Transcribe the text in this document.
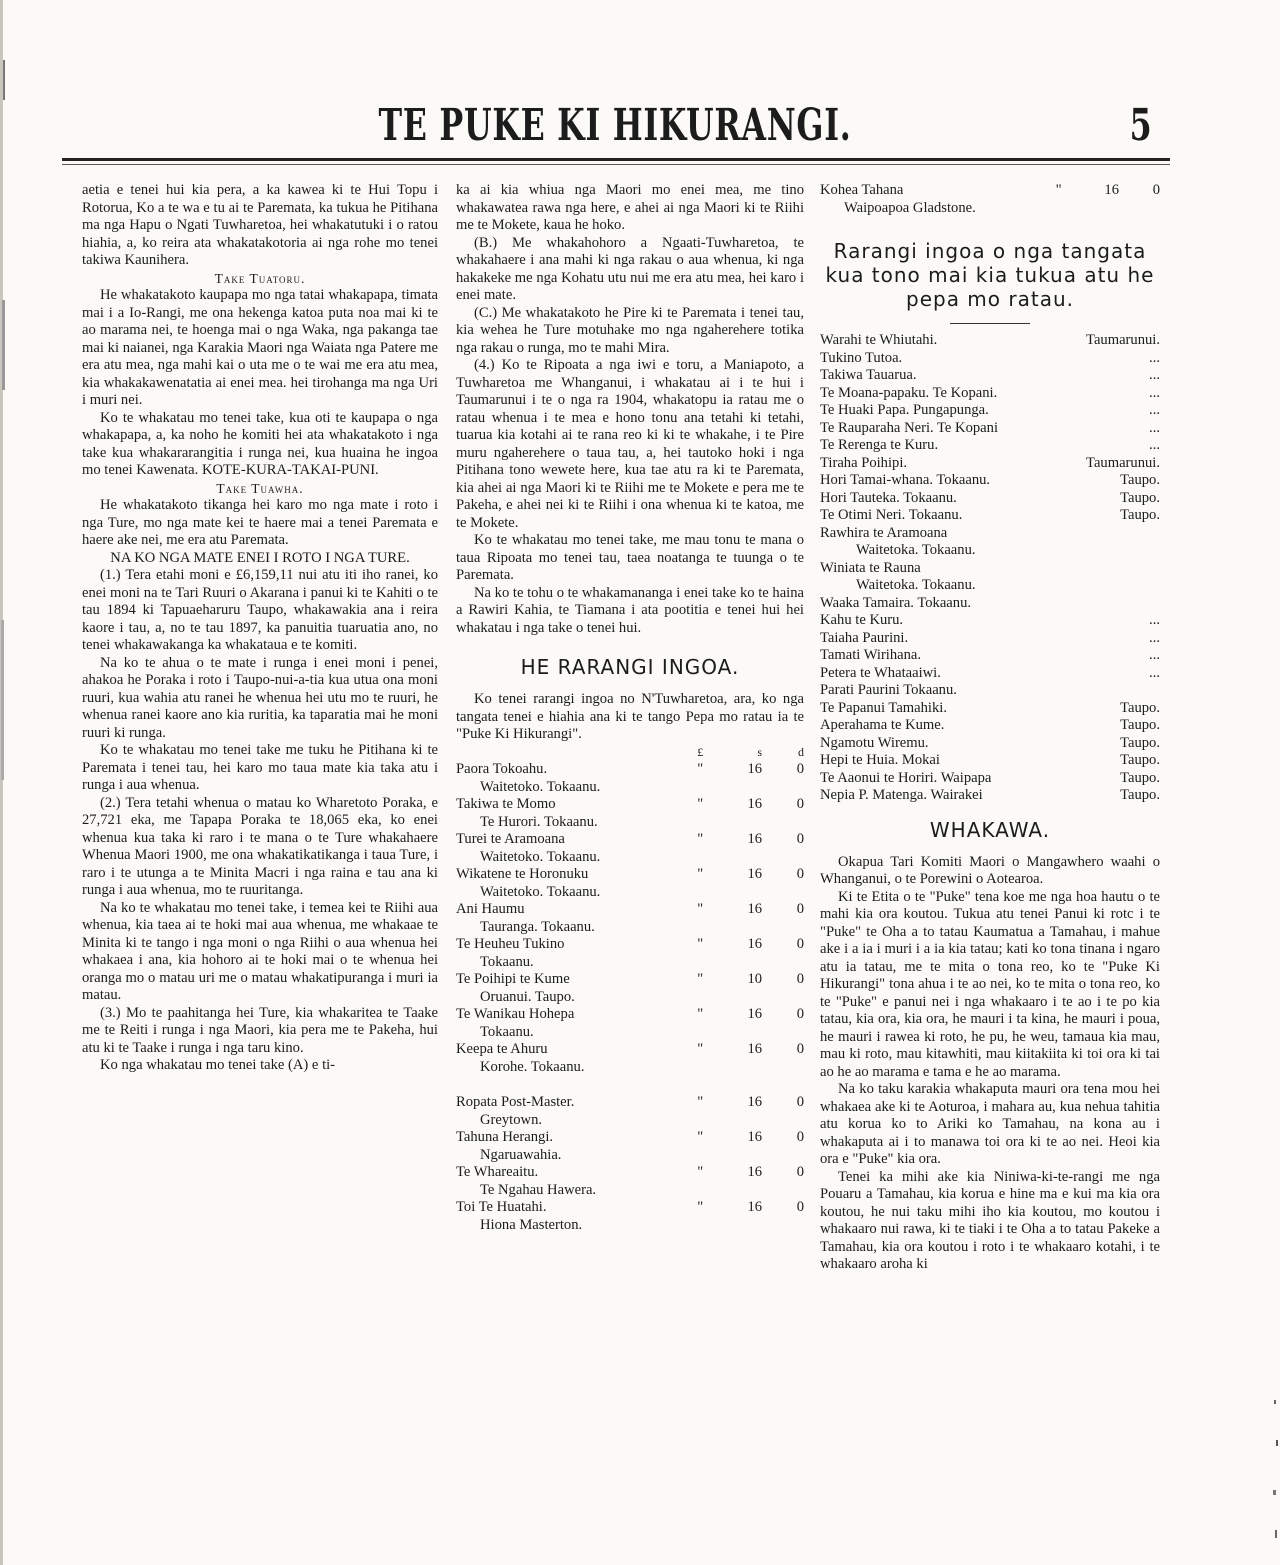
TE PUKE KI HIKURANGI.	5

aetia e tenei hui kia pera, a ka kawea ki te Hui Topu i Rotorua, Ko a te wa e tu ai te Paremata, ka tukua he Pitihana ma nga Hapu o Ngati Tuwharetoa, hei whakatutuki i o ratou hiahia, a, ko reira ata whakatakotoria ai nga rohe mo tenei takiwa Kaunihera.

Take Tuatoru.

He whakatakoto kaupapa mo nga tatai whakapapa, timata mai i a Io-Rangi, me ona hekenga katoa puta noa mai ki te ao marama nei, te hoenga mai o nga Waka, nga pakanga tae mai ki naianei, nga Karakia Maori nga Waiata nga Patere me era atu mea, nga mahi kai o uta me o te wai me era atu mea, kia whakakawenatatia ai enei mea. hei tirohanga ma nga Uri i muri nei.

Ko te whakatau mo tenei take, kua oti te kaupapa o nga whakapapa, a, ka noho he komiti hei ata whakatakoto i nga take kua whakararangitia i runga nei, kua huaina he ingoa mo tenei Kawenata. KOTE-KURA-TAKAI-PUNI.

Take Tuawha.

He whakatakoto tikanga hei karo mo nga mate i roto i nga Ture, mo nga mate kei te haere mai a tenei Paremata e haere ake nei, me era atu Paremata.

NA KO NGA MATE ENEI I ROTO I NGA TURE.

(1.) Tera etahi moni e £6,159,11 nui atu iti iho ranei, ko enei moni na te Tari Ruuri o Akarana i panui ki te Kahiti o te tau 1894 ki Tapuaeharuru Taupo, whakawakia ana i reira kaore i tau, a, no te tau 1897, ka panuitia tuaruatia ano, no tenei whakawakanga ka whakataua e te komiti.

Na ko te ahua o te mate i runga i enei moni i penei, ahakoa he Poraka i roto i Taupo-nui-a-tia kua utua ona moni ruuri, kua wahia atu ranei he whenua hei utu mo te ruuri, he whenua ranei kaore ano kia ruritia, ka taparatia mai he moni ruuri ki runga.

Ko te whakatau mo tenei take me tuku he Pitihana ki te Paremata i tenei tau, hei karo mo taua mate kia taka atu i runga i aua whenua.

(2.) Tera tetahi whenua o matau ko Wharetoto Poraka, e 27,721 eka, me Tapapa Poraka te 18,065 eka, ko enei whenua kua taka ki raro i te mana o te Ture whakahaere Whenua Maori 1900, me ona whakatikatikanga i taua Ture, i raro i te utunga a te Minita Macri i nga raina e tau ana ki runga i aua whenua, mo te ruuritanga.

Na ko te whakatau mo tenei take, i temea kei te Riihi aua whenua, kia taea ai te hoki mai aua whenua, me whakaae te Minita ki te tango i nga moni o nga Riihi o aua whenua hei whakaea i ana, kia hohoro ai te hoki mai o te whenua hei oranga mo o matau uri me o matau whakatipuranga i muri ia matau.

(3.) Mo te paahitanga hei Ture, kia whakaritea te Taake me te Reiti i runga i nga Maori, kia pera me te Pakeha, hui atu ki te Taake i runga i nga taru kino.

Ko nga whakatau mo tenei take (A) e ti-

ka ai kia whiua nga Maori mo enei mea, me tino whakawatea rawa nga here, e ahei ai nga Maori ki te Riihi me te Mokete, kaua he hoko.

(B.) Me whakahohoro a Ngaati-Tuwharetoa, te whakahaere i ana mahi ki nga rakau o aua whenua, ki nga hakakeke me nga Kohatu utu nui me era atu mea, hei karo i enei mate.

(C.) Me whakatakoto he Pire ki te Paremata i tenei tau, kia wehea he Ture motuhake mo nga ngaherehere totika nga rakau o runga, mo te mahi Mira.

(4.) Ko te Ripoata a nga iwi e toru, a Maniapoto, a Tuwharetoa me Whanganui, i whakatau ai i te hui i Taumarunui i te o nga ra 1904, whakatopu ia ratau me o ratau whenua i te mea e hono tonu ana tetahi ki tetahi, tuarua kia kotahi ai te rana reo ki ki te whakahe, i te Pire muru ngaherehere o taua tau, a, hei tautoko hoki i nga Pitihana tono wewete here, kua tae atu ra ki te Paremata, kia ahei ai nga Maori ki te Riihi me te Mokete e pera me te Pakeha, e ahei nei ki te Riihi i ona whenua ki te katoa, me te Mokete.

Ko te whakatau mo tenei take, me mau tonu te mana o taua Ripoata mo tenei tau, taea noatanga te tuunga o te Paremata.

Na ko te tohu o te whakamananga i enei take ko te haina a Rawiri Kahia, te Tiamana i ata pootitia e tenei hui hei whakatau i nga take o tenei hui.

HE RARANGI INGOA.

Ko tenei rarangi ingoa no N'Tuwharetoa, ara, ko nga tangata tenei e hiahia ana ki te tango Pepa mo ratau ia te "Puke Ki Hikurangi".

	£	s	d
Paora Tokoahu.	"	16	0
Waitetoko. Tokaanu.			
Takiwa te Momo	"	16	0
Te Hurori. Tokaanu.			
Turei te Aramoana	"	16	0
Waitetoko. Tokaanu.			
Wikatene te Horonuku	"	16	0
Waitetoko. Tokaanu.			
Ani Haumu	"	16	0
Tauranga. Tokaanu.			
Te Heuheu Tukino	"	16	0
Tokaanu.			
Te Poihipi te Kume	"	10	0
Oruanui. Taupo.			
Te Wanikau Hohepa	"	16	0
Tokaanu.			
Keepa te Ahuru	"	16	0
Korohe. Tokaanu.			

Ropata Post-Master.	"	16	0
Greytown.			
Tahuna Herangi.	"	16	0
Ngaruawahia.			
Te Whareaitu.	"	16	0
Te Ngahau Hawera.			
Toi Te Huatahi.	"	16	0
Hiona Masterton.			
Kohea Tahana	"	16	0
Waipoapoa Gladstone.
Rarangi ingoa o nga tangata kua tono mai kia tukua atu he pepa mo ratau.
Warahi te Whiutahi.	Taumarunui.
Tukino Tutoa.	...
Takiwa Tauarua.	...
Te Moana-papaku. Te Kopani.	...
Te Huaki Papa. Pungapunga.	...
Te Rauparaha Neri. Te Kopani	...
Te Rerenga te Kuru.	...
Tiraha Poihipi.	Taumarunui.
Hori Tamai-whana. Tokaanu.	Taupo.
Hori Tauteka. Tokaanu.	Taupo.
Te Otimi Neri. Tokaanu.	Taupo.
Rawhira te Aramoana
Waitetoka. Tokaanu.
Winiata te Rauna
Waitetoka. Tokaanu.
Waaka Tamaira. Tokaanu.
Kahu te Kuru.	...
Taiaha Paurini.	...
Tamati Wirihana.	...
Petera te Whataaiwi.	...
Parati Paurini Tokaanu.
Te Papanui Tamahiki.	Taupo.
Aperahama te Kume.	Taupo.
Ngamotu Wiremu.	Taupo.
Hepi te Huia. Mokai	Taupo.
Te Aaonui te Horiri. Waipapa	Taupo.
Nepia P. Matenga. Wairakei	Taupo.
WHAKAWA.

Okapua Tari Komiti Maori o Mangawhero waahi o Whanganui, o te Porewini o Aotearoa.

Ki te Etita o te "Puke" tena koe me nga hoa hautu o te mahi kia ora koutou. Tukua atu tenei Panui ki rotc i te "Puke" te Oha a to tatau Kaumatua a Tamahau, i mahue ake i a ia i muri i a ia kia tatau; kati ko tona tinana i ngaro atu ia tatau, me te mita o tona reo, ko te "Puke Ki Hikurangi" tona ahua i te ao nei, ko te mita o tona reo, ko te "Puke" e panui nei i nga whakaaro i te ao i te po kia tatau, kia ora, kia ora, he mauri i ta kina, he mauri i poua, he mauri i rawea ki roto, he pu, he weu, tamaua kia mau, mau ki roto, mau kitawhiti, mau kiitakiita ki toi ora ki tai ao he ao marama e tama e he ao marama.

Na ko taku karakia whakaputa mauri ora tena mou hei whakaea ake ki te Aoturoa, i mahara au, kua nehua tahitia atu korua ko to Ariki ko Tamahau, na kona au i whakaputa ai i to manawa toi ora ki te ao nei. Heoi kia ora e "Puke" kia ora.

Tenei ka mihi ake kia Niniwa-ki-te-rangi me nga Pouaru a Tamahau, kia korua e hine ma e kui ma kia ora koutou, he nui taku mihi iho kia koutou, mo koutou i whakaaro nui rawa, ki te tiaki i te Oha a to tatau Pakeke a Tamahau, kia ora koutou i roto i te whakaaro kotahi, i te whakaaro aroha ki
